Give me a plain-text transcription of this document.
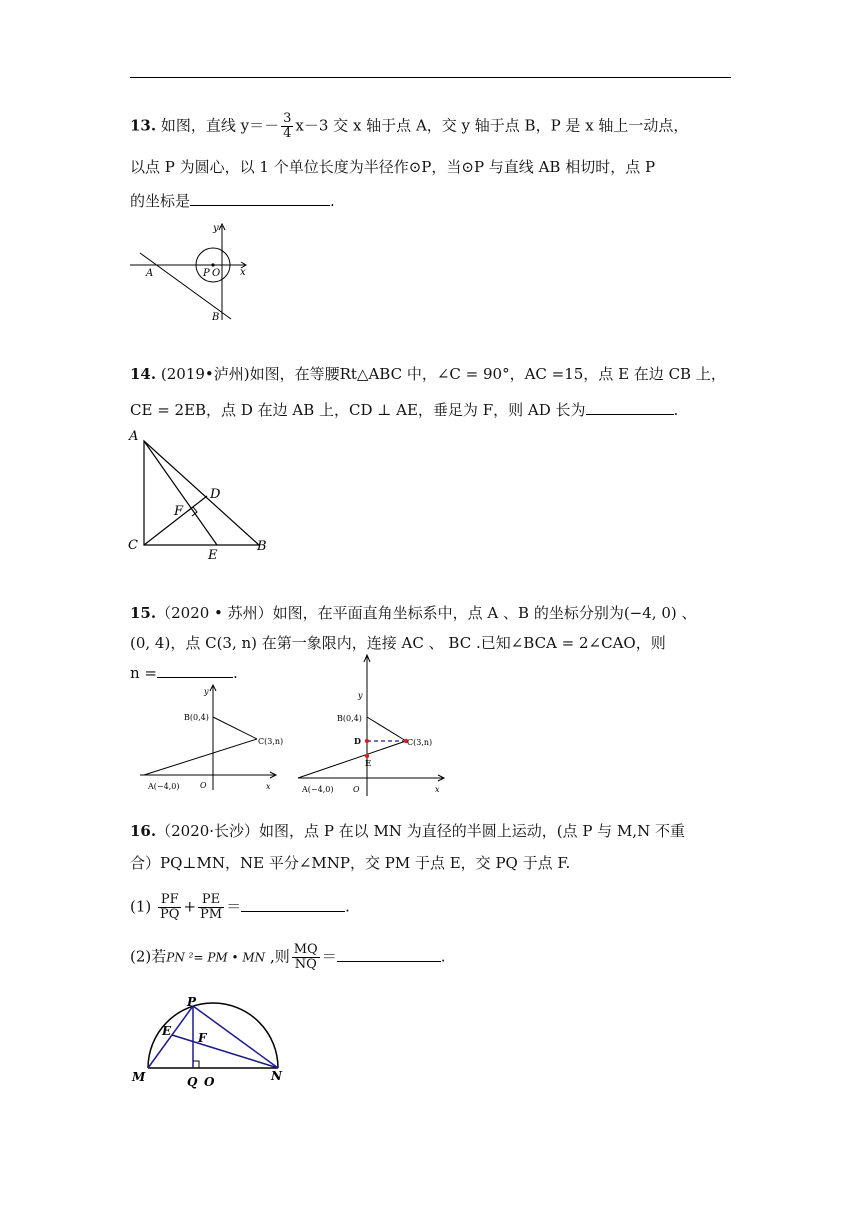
13. 如图，直线 $y=- \frac{3}{4} x-3$ 交 x 轴于点 A，交 y 轴于点 B，P 是 x 轴上一动点，
以点 P 为圆心，以 1 个单位长度为半径作⊙P，当⊙P 与直线 AB 相切时，点 P
的坐标是	.
y
x
A	P O
B
14. (2019•泸州)如图，在等腰Rt△ABC 中，∠C = 90°，AC =15，点 E 在边 CB 上，
CE = 2EB，点 D 在边 AB 上，CD ⊥ AE，垂足为 F，则 AD 长为	.
A
C	B
D
F
E
15.（2020 • 苏州）如图，在平面直角坐标系中，点 A 、B 的坐标分别为(−4, 0) 、
(0, 4)，点 C(3, n) 在第一象限内，连接 AC 、 BC .已知∠BCA = 2∠CAO，则
n =	.
y
x
B(0,4)
C(3,n)
A(−4,0)	O
y
x
B(0,4)
C(3,n)
D
E
A(−4,0) O
16.（2020·长沙）如图，点 P 在以 MN 为直径的半圆上运动，(点 P 与 M,N 不重
合）PQ⊥MN，NE 平分∠MNP，交 PM 于点 E，交 PQ 于点 F.
$(1) \frac{PF}{PQ} + \frac{PE}{PM}$ ＝	.
(2)若PN ²= PM • MN ,则 $\frac{MQ}{NQ}$ ＝	.
P
E F
M	Q O	N
